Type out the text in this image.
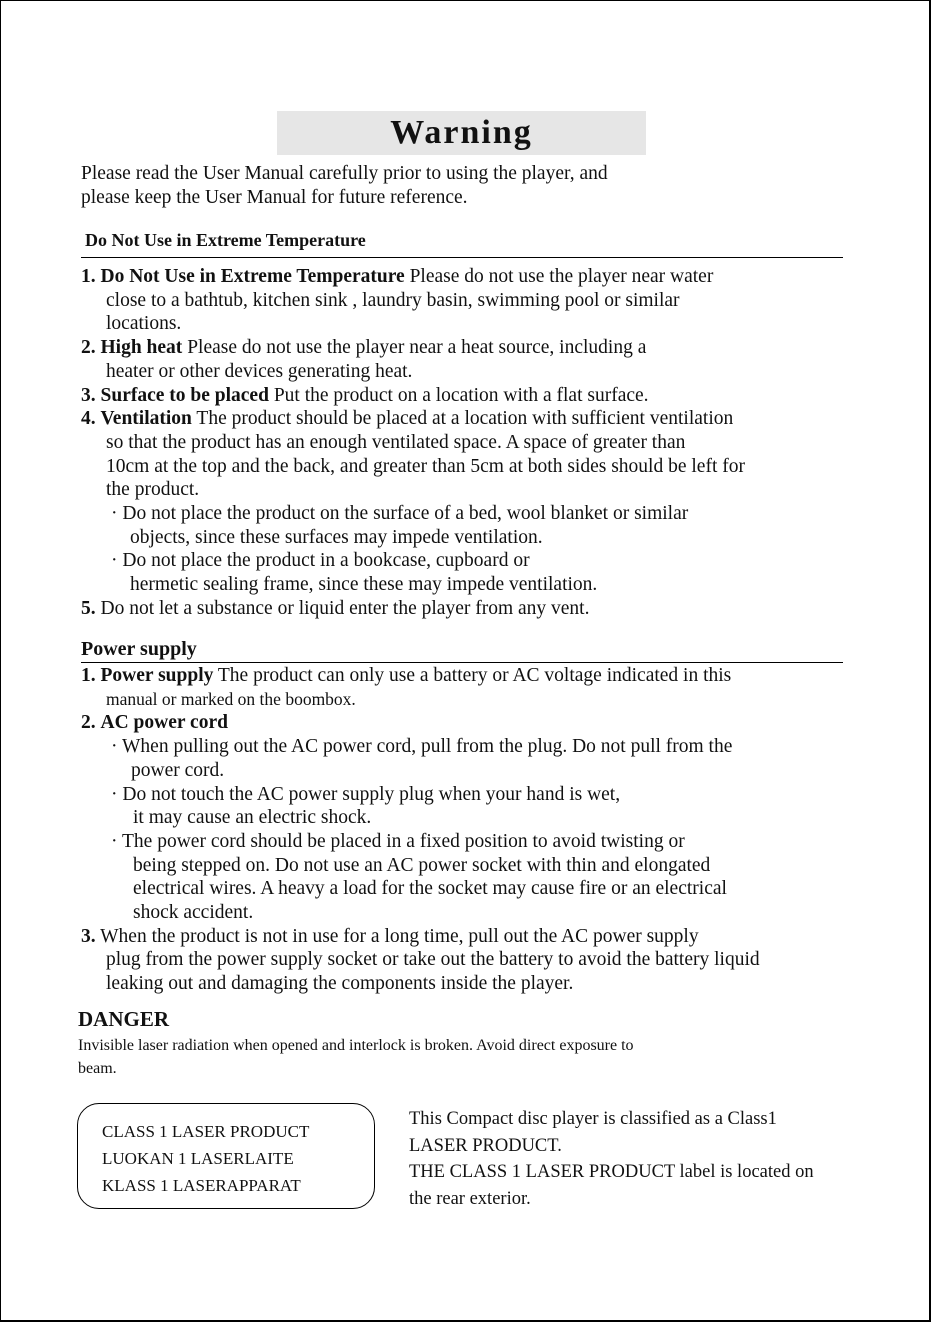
Warning

Please read the User Manual carefully prior to using the player, and

please keep the User Manual for future reference.

Do Not Use in Extreme Temperature

1. Do Not Use in Extreme Temperature Please do not use the player near water

close to a bathtub, kitchen sink , laundry basin, swimming pool or similar

locations.

2. High heat Please do not use the player near a heat source, including a

heater or other devices generating heat.

3. Surface to be placed Put the product on a location with a flat surface.

4. Ventilation The product should be placed at a location with sufficient ventilation

so that the product has an enough ventilated space. A space of greater than

10cm at the top and the back, and greater than 5cm at both sides should be left for

the product.

· Do not place the product on the surface of a bed, wool blanket or similar

objects, since these surfaces may impede ventilation.

· Do not place the product in a bookcase, cupboard or

hermetic sealing frame, since these may impede ventilation.

5. Do not let a substance or liquid enter the player from any vent.

Power supply

1. Power supply The product can only use a battery or AC voltage indicated in this

manual or marked on the boombox.

2. AC power cord

· When pulling out the AC power cord, pull from the plug. Do not pull from the

power cord.

· Do not touch the AC power supply plug when your hand is wet,

it may cause an electric shock.

· The power cord should be placed in a fixed position to avoid twisting or

being stepped on. Do not use an AC power socket with thin and elongated

electrical wires. A heavy a load for the socket may cause fire or an electrical

shock accident.

3. When the product is not in use for a long time, pull out the AC power supply

plug from the power supply socket or take out the battery to avoid the battery liquid

leaking out and damaging the components inside the player.

DANGER
Invisible laser radiation when opened and interlock is broken. Avoid direct exposure to
beam.

CLASS 1 LASER PRODUCT

LUOKAN 1 LASERLAITE

KLASS 1 LASERAPPARAT

This Compact disc player is classified as a Class1

LASER PRODUCT.

THE CLASS 1 LASER PRODUCT label is located on

the rear exterior.
